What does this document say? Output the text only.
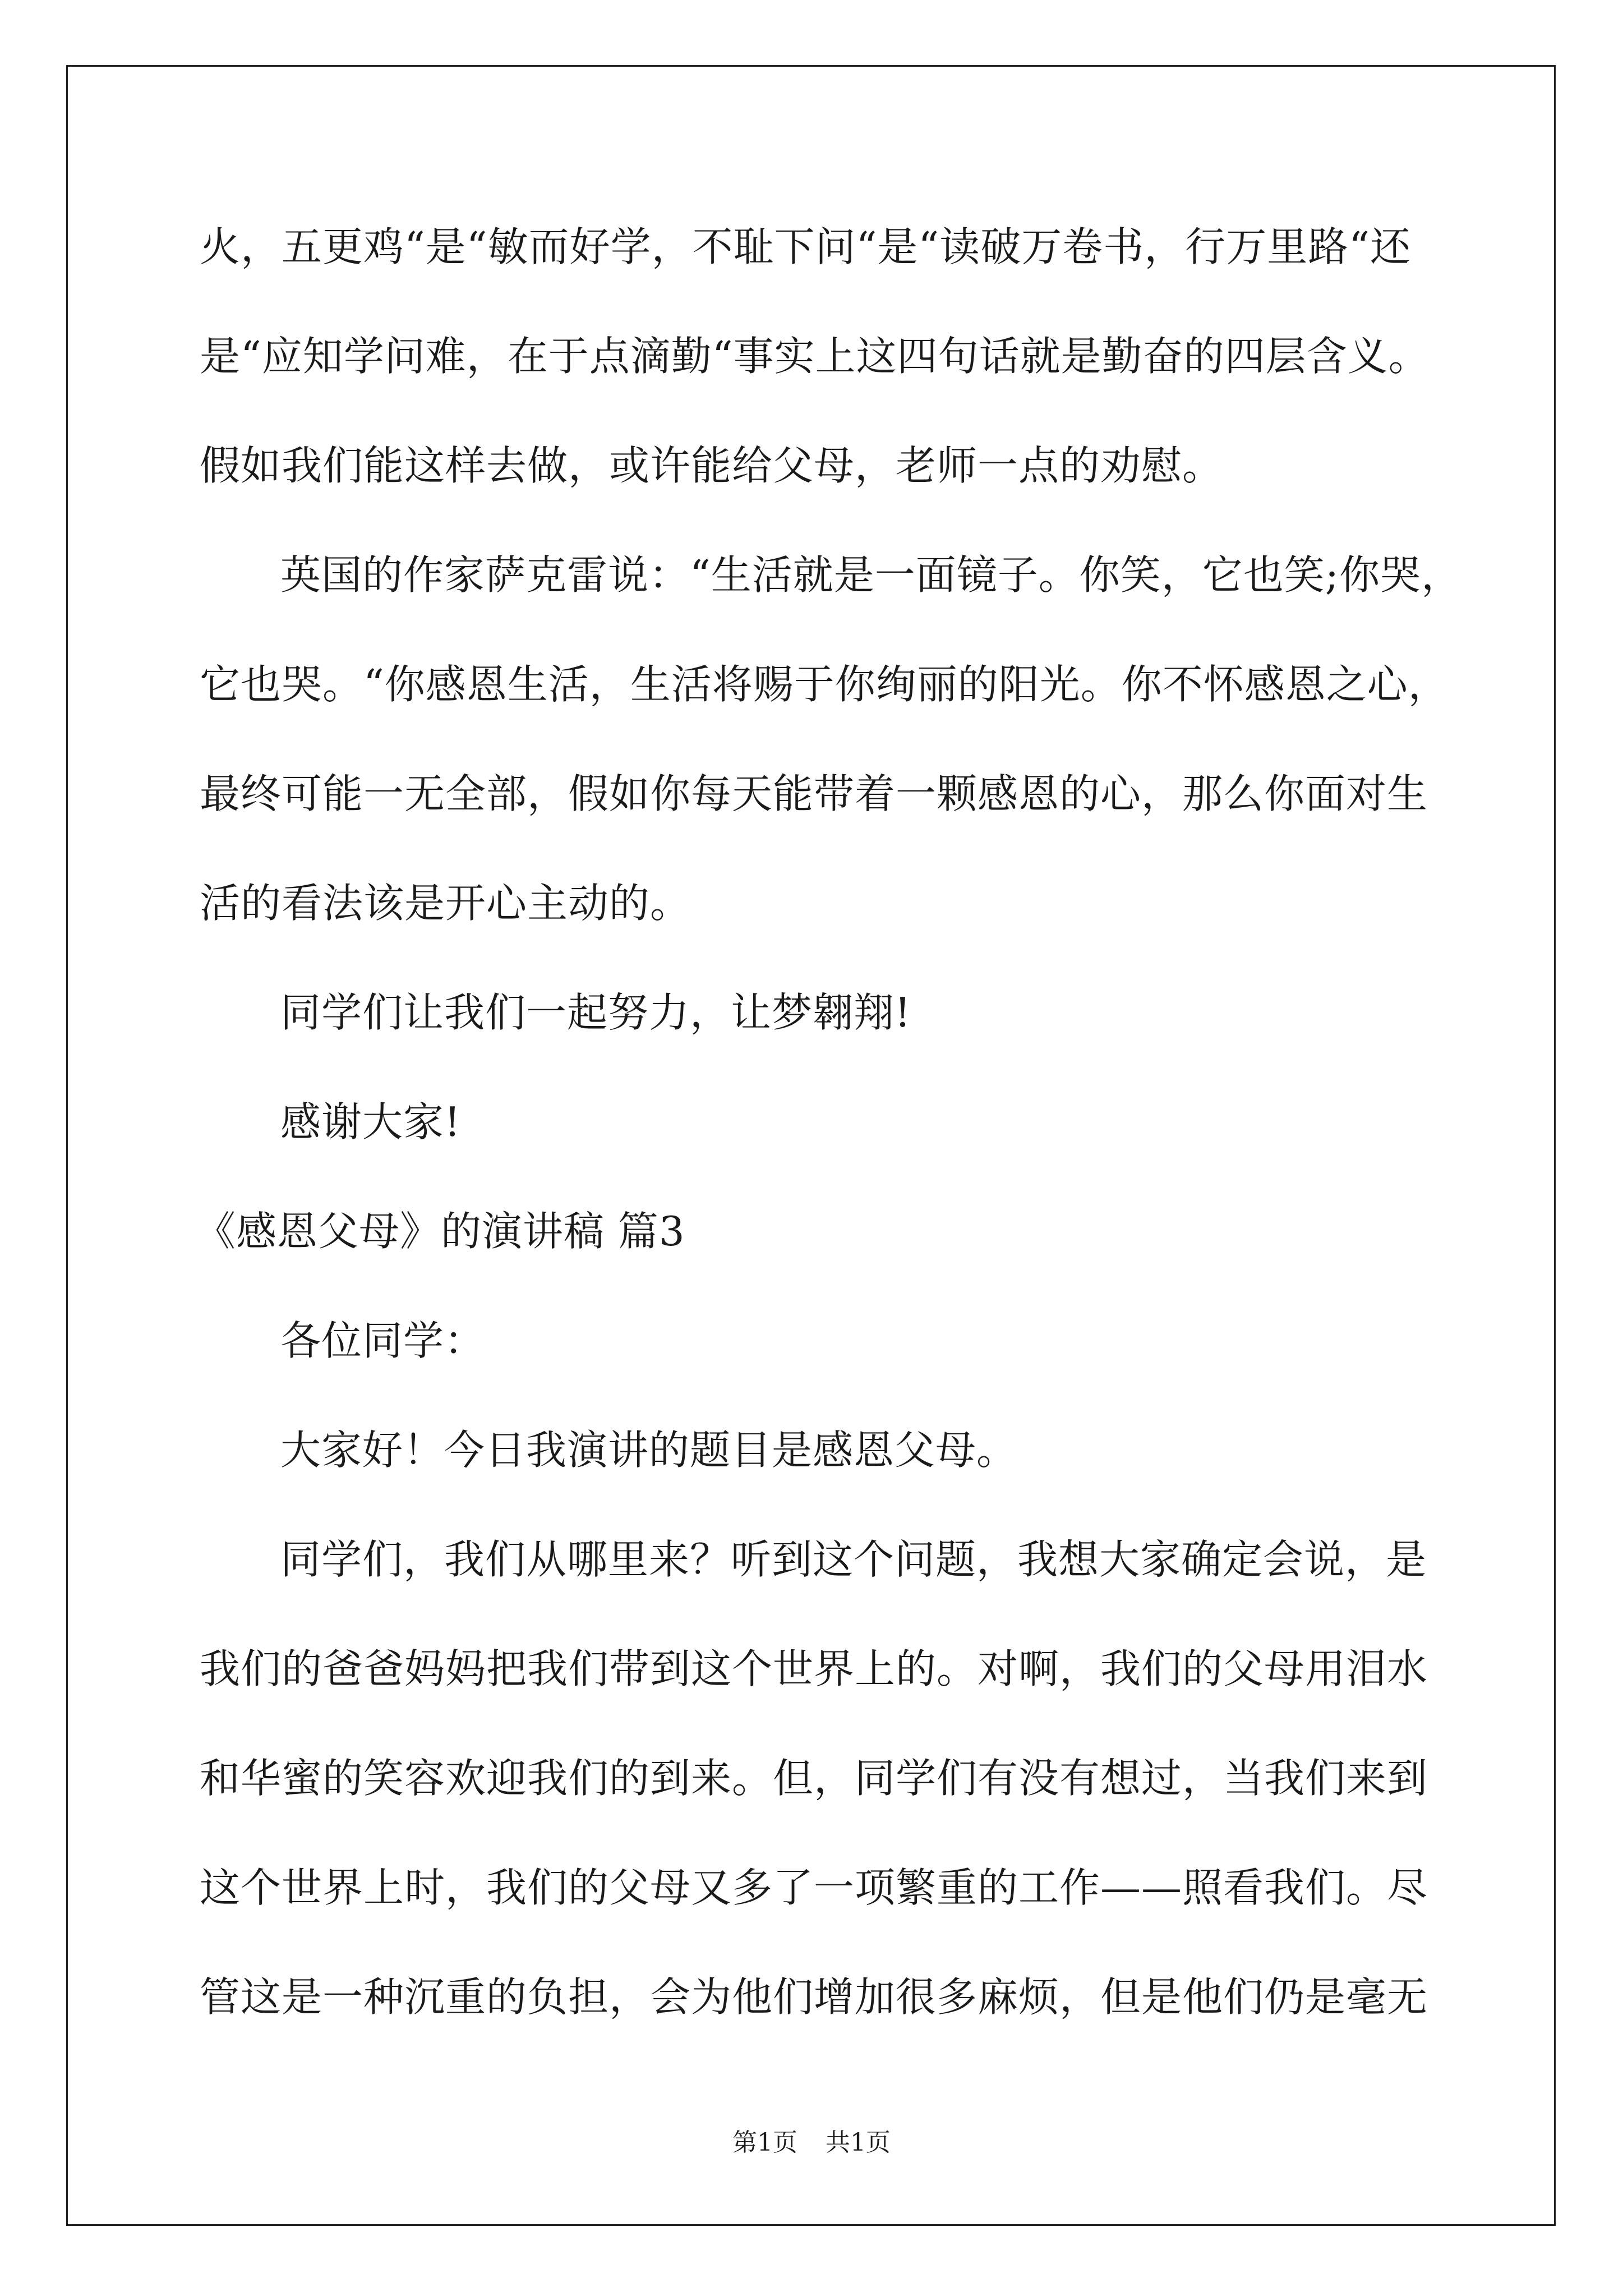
火，五更鸡“是“敏而好学，不耻下问“是“读破万卷书，行万里路“还
是“应知学问难，在于点滴勤“事实上这四句话就是勤奋的四层含义。
假如我们能这样去做，或许能给父母，老师一点的劝慰。
英国的作家萨克雷说：“生活就是一面镜子。你笑，它也笑;你哭，
它也哭。“你感恩生活，生活将赐于你绚丽的阳光。你不怀感恩之心，
最终可能一无全部，假如你每天能带着一颗感恩的心，那么你面对生
活的看法该是开心主动的。
同学们让我们一起努力，让梦翱翔!
感谢大家!
《感恩父母》的演讲稿 篇3
各位同学：
大家好！今日我演讲的题目是感恩父母。
同学们，我们从哪里来？听到这个问题，我想大家确定会说，是
我们的爸爸妈妈把我们带到这个世界上的。对啊，我们的父母用泪水
和华蜜的笑容欢迎我们的到来。但，同学们有没有想过，当我们来到
这个世界上时，我们的父母又多了一项繁重的工作——照看我们。尽
管这是一种沉重的负担，会为他们增加很多麻烦，但是他们仍是毫无
第1页 共1页
